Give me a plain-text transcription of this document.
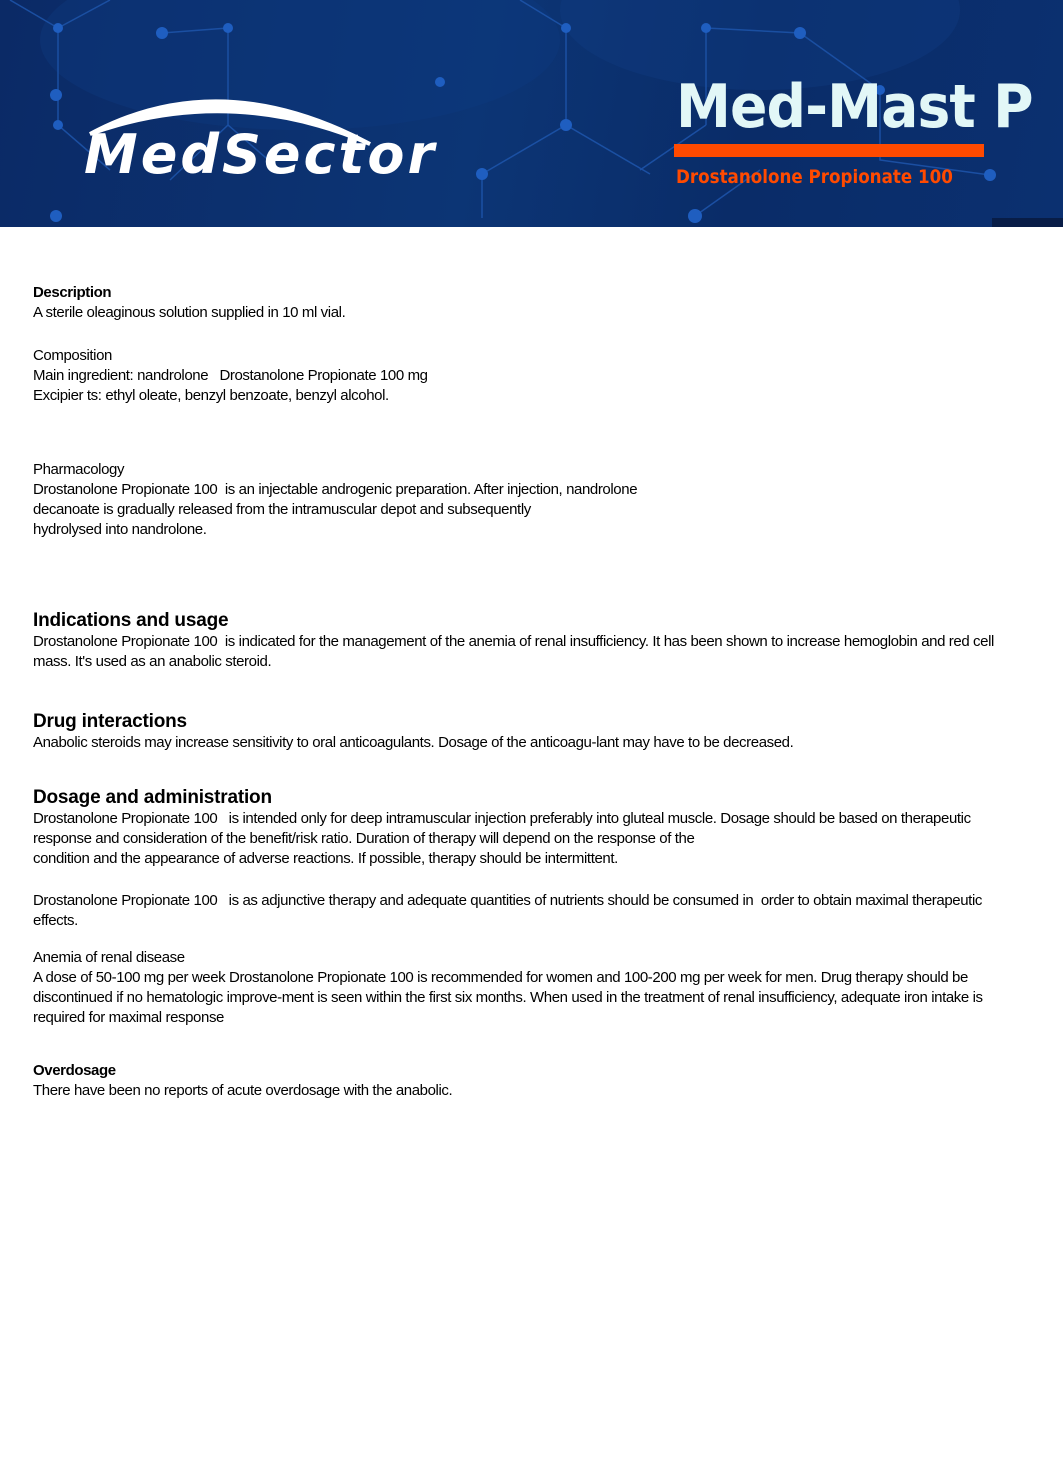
MedSector
Med-Mast P
Drostanolone Propionate 100
Description
A sterile oleaginous solution supplied in 10 ml vial.
Composition
Main ingredient: nandrolone   Drostanolone Propionate 100 mg
Excipier ts: ethyl oleate, benzyl benzoate, benzyl alcohol.
Pharmacology
Drostanolone Propionate 100  is an injectable androgenic preparation. After injection, nandrolone
decanoate is gradually released from the intramuscular depot and subsequently
hydrolysed into nandrolone.
Indications and usage
Drostanolone Propionate 100  is indicated for the management of the anemia of renal insufficiency. It has been shown to increase hemoglobin and red cell
mass. It's used as an anabolic steroid.
Drug interactions
Anabolic steroids may increase sensitivity to oral anticoagulants. Dosage of the anticoagu-lant may have to be decreased.
Dosage and administration
Drostanolone Propionate 100   is intended only for deep intramuscular injection preferably into gluteal muscle. Dosage should be based on therapeutic
response and consideration of the benefit/risk ratio. Duration of therapy will depend on the response of the
condition and the appearance of adverse reactions. If possible, therapy should be intermittent.
Drostanolone Propionate 100   is as adjunctive therapy and adequate quantities of nutrients should be consumed in  order to obtain maximal therapeutic
effects.
Anemia of renal disease
A dose of 50-100 mg per week Drostanolone Propionate 100 is recommended for women and 100-200 mg per week for men. Drug therapy should be
discontinued if no hematologic improve-ment is seen within the first six months. When used in the treatment of renal insufficiency, adequate iron intake is
required for maximal response
Overdosage
There have been no reports of acute overdosage with the anabolic.
